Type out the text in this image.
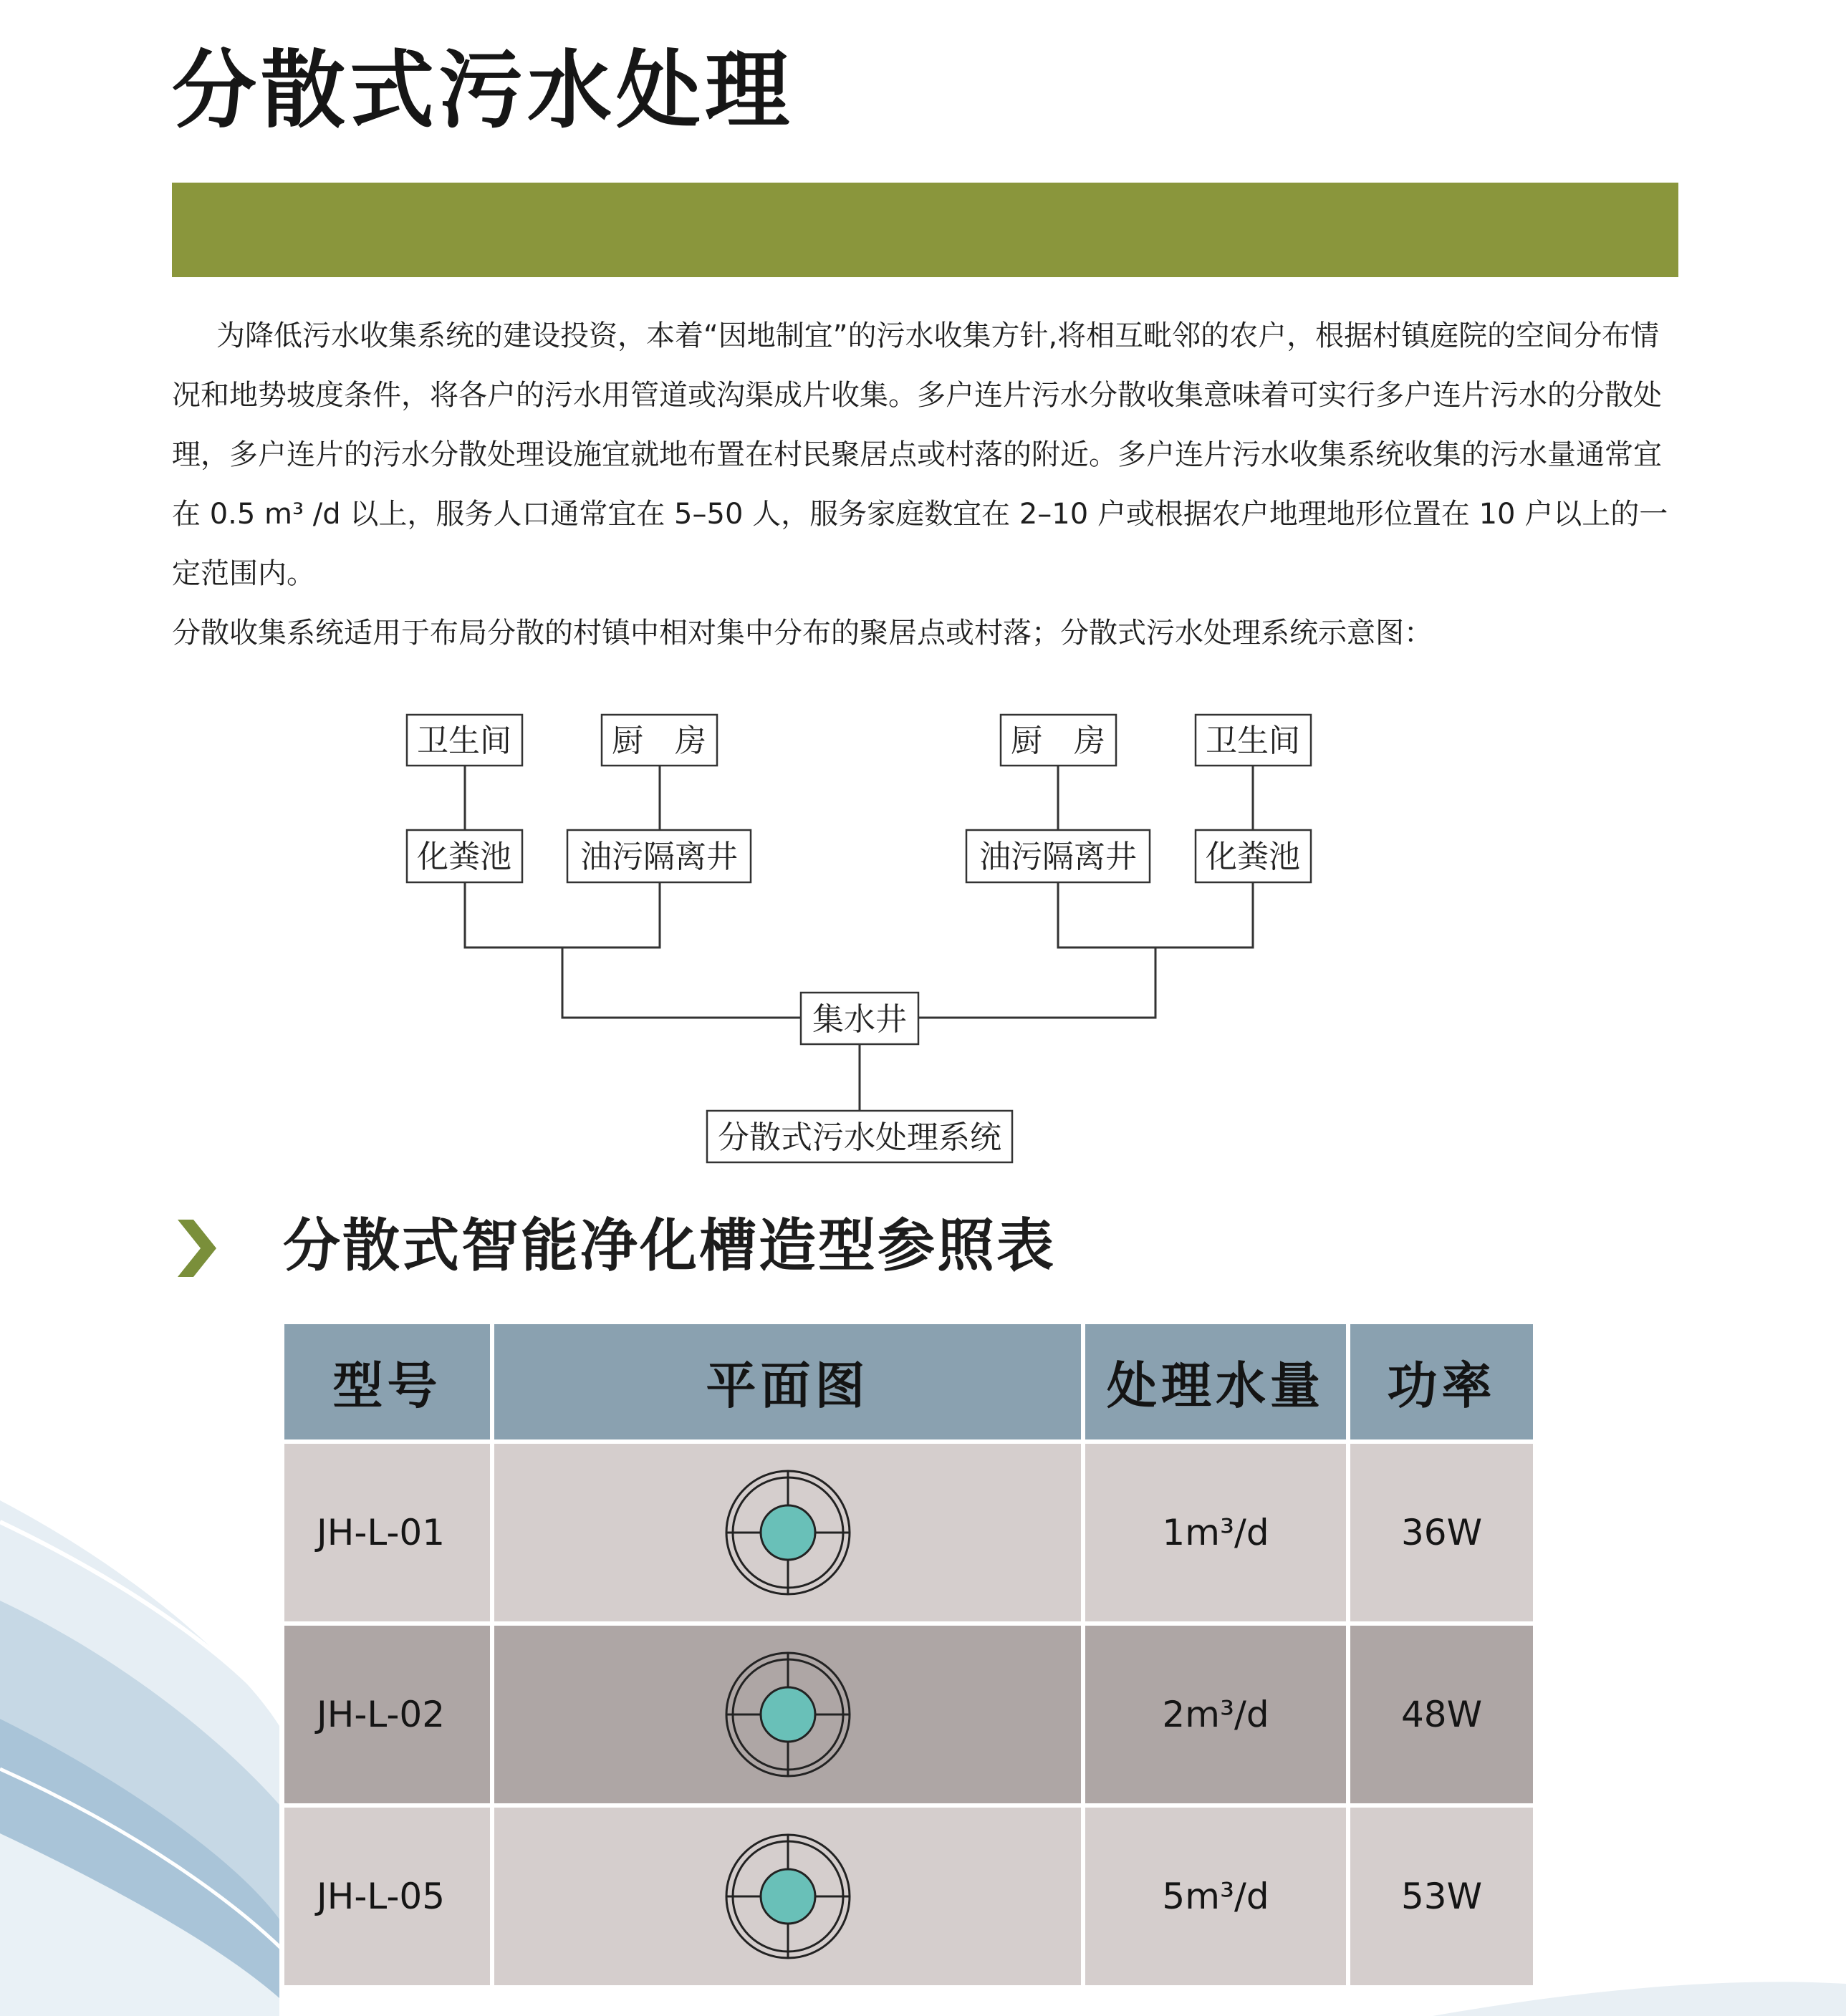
分散式污水处理

为降低污水收集系统的建设投资，本着“因地制宜”的污水收集方针,将相互毗邻的农户，根据村镇庭院的空间分布情况和地势坡度条件，将各户的污水用管道或沟渠成片收集。多户连片污水分散收集意味着可实行多户连片污水的分散处理，多户连片的污水分散处理设施宜就地布置在村民聚居点或村落的附近。多户连片污水收集系统收集的污水量通常宜在 0.5 m³ /d 以上，服务人口通常宜在 5–50 人，服务家庭数宜在 2–10 户或根据农户地理地形位置在 10 户以上的一定范围内。

分散收集系统适用于布局分散的村镇中相对集中分布的聚居点或村落；分散式污水处理系统示意图：

卫生间	厨　房	厨　房	卫生间
化粪池 油污隔离井	油污隔离井 化粪池
集水井
分散式污水处理系统
分散式智能净化槽造型参照表
型号	平面图	处理水量	功率
JH-L-01		1m³/d	36W
JH-L-02		2m³/d	48W
JH-L-05		5m³/d	53W
